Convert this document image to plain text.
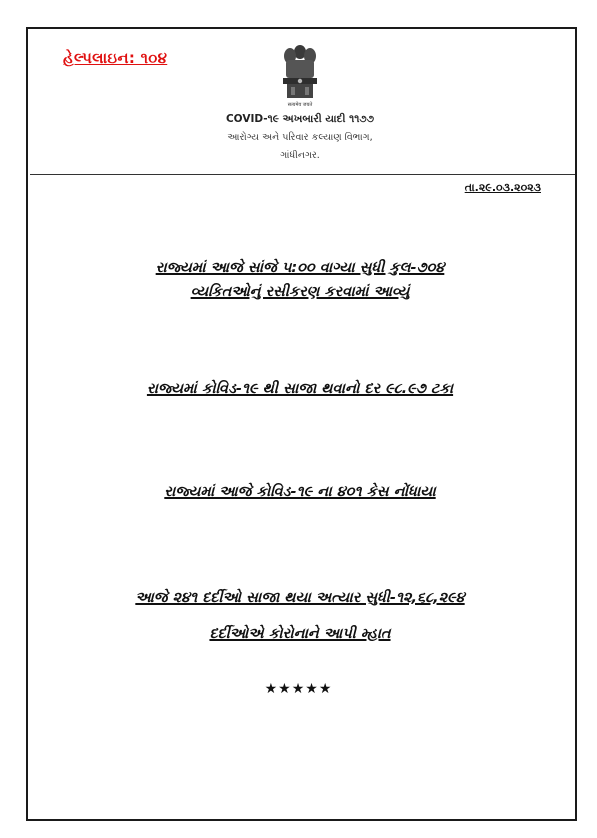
હેલ્પલાઇન: ૧૦૪
सत्यमेव जयते
COVID-૧૯ અખબારી યાદી ૧૧૭૭
આરોગ્ય અને પરિવાર કલ્યાણ વિભાગ,
ગાંધીનગર.
તા.૨૯.૦૩.૨૦૨૩
રાજ્યમાં આજે સાંજે ૫:૦૦ વાગ્યા સુધી કુલ-૭૦૪
વ્યકિતઓનું રસીકરણ કરવામાં આવ્યું
રાજ્યમાં કોવિડ-૧૯ થી સાજા થવાનો દર ૯૮.૯૭ ટકા
રાજ્યમાં આજે કોવિડ-૧૯ ના ૪૦૧ કેસ નોંધાયા
આજે ૨૪૧ દર્દીઓ સાજા થયા અત્યાર સુધી-૧૨,૬૮,૨૯૪
દર્દીઓએ કોરોનાને આપી મ્હાત
★★★★★
